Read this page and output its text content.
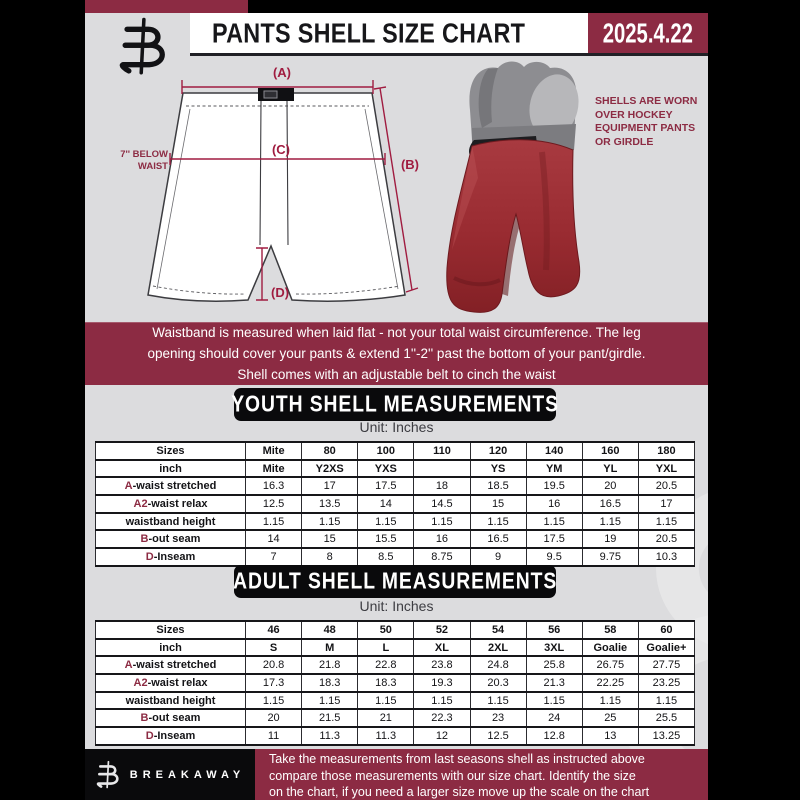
(A)
(B)
(C)
(D)
7'' BELOW WAIST
SHELLS ARE WORN OVER HOCKEY EQUIPMENT PANTS OR GIRDLE
Waistband is measured when laid flat - not your total waist circumference. The leg
opening should cover your pants & extend 1''-2'' past the bottom of your pant/girdle.
Shell comes with an adjustable belt to cinch the waist
YOUTH SHELL MEASUREMENTS
Unit: Inches
Sizes	Mite	80	100	110	120	140	160	180
inch	Mite	Y2XS	YXS		YS	YM	YL	YXL
A-waist stretched	16.3	17	17.5	18	18.5	19.5	20	20.5
A2-waist relax	12.5	13.5	14	14.5	15	16	16.5	17
waistband height	1.15	1.15	1.15	1.15	1.15	1.15	1.15	1.15
B-out seam	14	15	15.5	16	16.5	17.5	19	20.5
D-Inseam	7	8	8.5	8.75	9	9.5	9.75	10.3
ADULT SHELL MEASUREMENTS
Unit: Inches
Sizes	46	48	50	52	54	56	58	60
inch	S	M	L	XL	2XL	3XL	Goalie	Goalie+
A-waist stretched	20.8	21.8	22.8	23.8	24.8	25.8	26.75	27.75
A2-waist relax	17.3	18.3	18.3	19.3	20.3	21.3	22.25	23.25
waistband height	1.15	1.15	1.15	1.15	1.15	1.15	1.15	1.15
B-out seam	20	21.5	21	22.3	23	24	25	25.5
D-Inseam	11	11.3	11.3	12	12.5	12.8	13	13.25
PANTS SHELL SIZE CHART	2025.4.22
BREAKAWAY
Take the measurements from last seasons shell as instructed above
compare those measurements with our size chart. Identify the size
on the chart, if you need a larger size move up the scale on the chart
